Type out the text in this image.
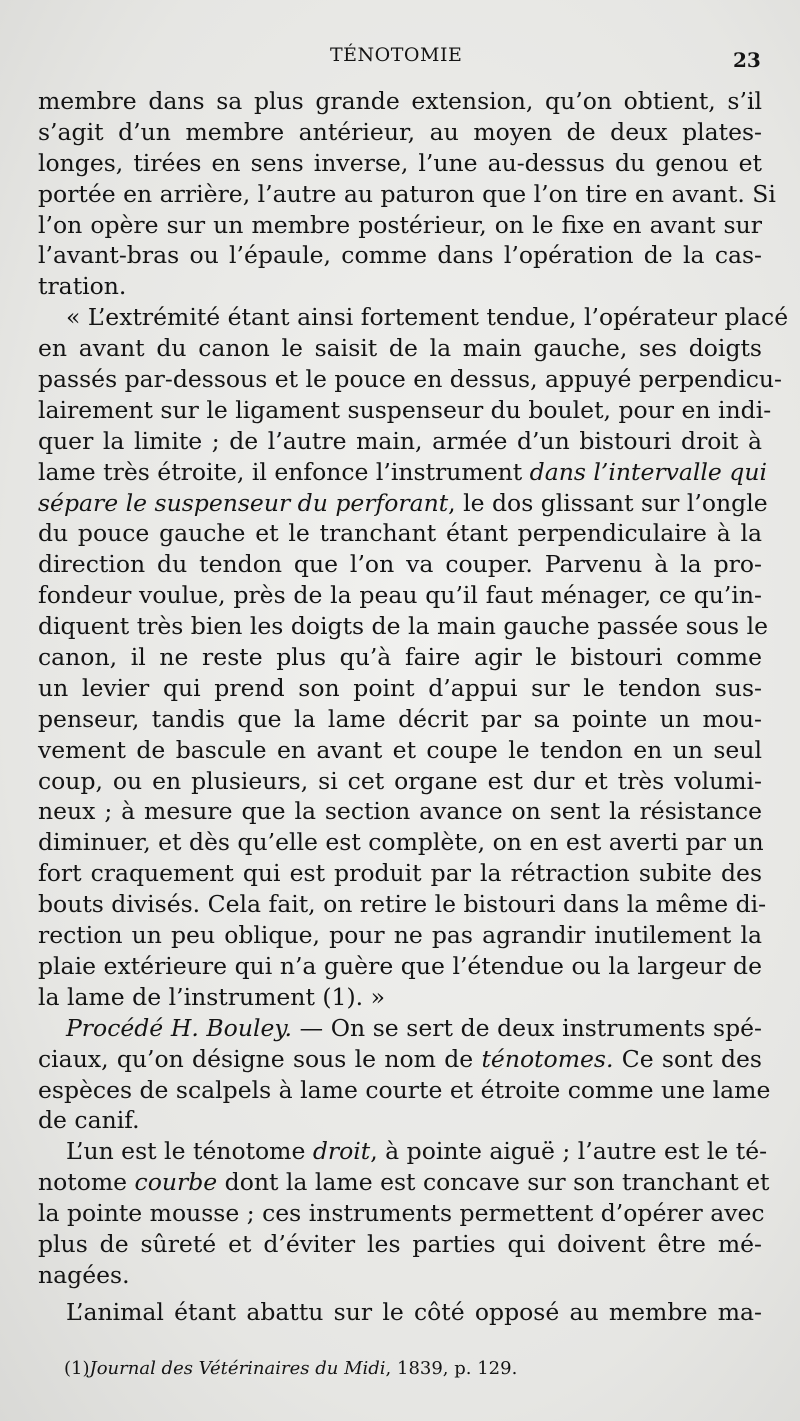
TÉNOTOMIE	23
membre dans sa plus grande extension, qu’on obtient, s’il
s’agit d’un membre antérieur, au moyen de deux plates-
longes, tirées en sens inverse, l’une au-dessus du genou et
portée en arrière, l’autre au paturon que l’on tire en avant. Si
l’on opère sur un membre postérieur, on le fixe en avant sur
l’avant-bras ou l’épaule, comme dans l’opération de la cas-
tration.
« L’extrémité étant ainsi fortement tendue, l’opérateur placé
en avant du canon le saisit de la main gauche, ses doigts
passés par-dessous et le pouce en dessus, appuyé perpendicu-
lairement sur le ligament suspenseur du boulet, pour en indi-
quer la limite ; de l’autre main, armée d’un bistouri droit à
lame très étroite, il enfonce l’instrument dans l’intervalle qui
sépare le suspenseur du perforant, le dos glissant sur l’ongle
du pouce gauche et le tranchant étant perpendiculaire à la
direction du tendon que l’on va couper. Parvenu à la pro-
fondeur voulue, près de la peau qu’il faut ménager, ce qu’in-
diquent très bien les doigts de la main gauche passée sous le
canon, il ne reste plus qu’à faire agir le bistouri comme
un levier qui prend son point d’appui sur le tendon sus-
penseur, tandis que la lame décrit par sa pointe un mou-
vement de bascule en avant et coupe le tendon en un seul
coup, ou en plusieurs, si cet organe est dur et très volumi-
neux ; à mesure que la section avance on sent la résistance
diminuer, et dès qu’elle est complète, on en est averti par un
fort craquement qui est produit par la rétraction subite des
bouts divisés. Cela fait, on retire le bistouri dans la même di-
rection un peu oblique, pour ne pas agrandir inutilement la
plaie extérieure qui n’a guère que l’étendue ou la largeur de
la lame de l’instrument (1). »
Procédé H. Bouley. — On se sert de deux instruments spé-
ciaux, qu’on désigne sous le nom de ténotomes. Ce sont des
espèces de scalpels à lame courte et étroite comme une lame
de canif.
L’un est le ténotome droit, à pointe aiguë ; l’autre est le té-
notome courbe dont la lame est concave sur son tranchant et
la pointe mousse ; ces instruments permettent d’opérer avec
plus de sûreté et d’éviter les parties qui doivent être mé-
nagées.
L’animal étant abattu sur le côté opposé au membre ma-
(1)Journal des Vétérinaires du Midi, 1839, p. 129.
